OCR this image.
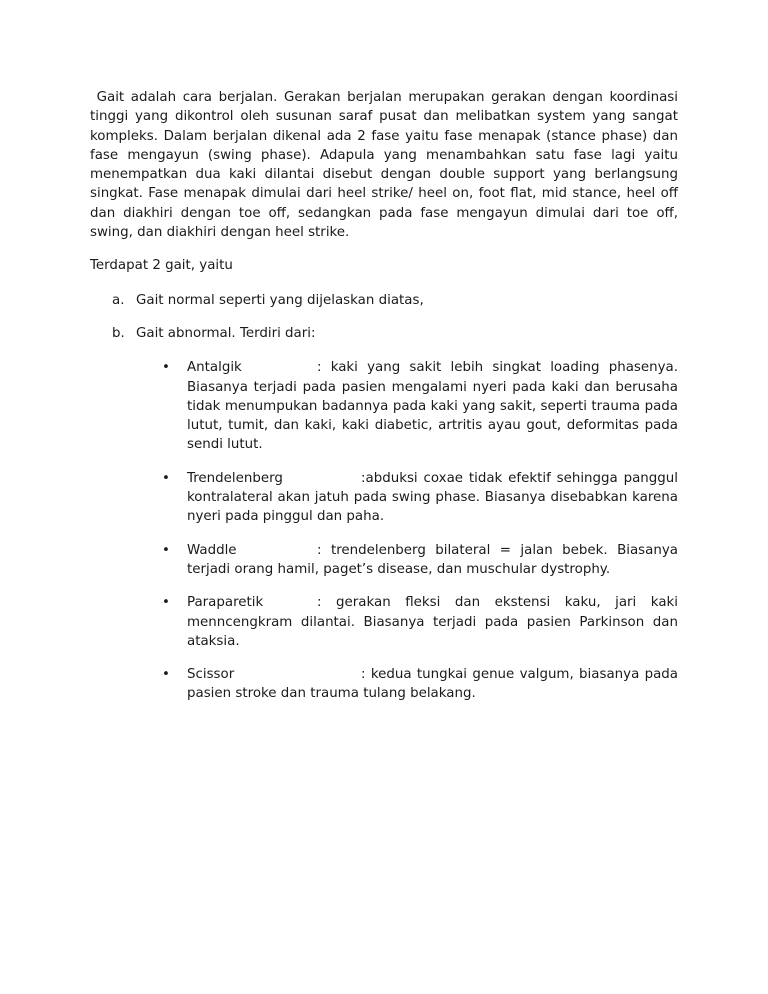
Gait adalah cara berjalan. Gerakan berjalan merupakan gerakan dengan koordinasi tinggi yang dikontrol oleh susunan saraf pusat dan melibatkan system yang sangat kompleks. Dalam berjalan dikenal ada 2 fase yaitu fase menapak (stance phase) dan fase mengayun (swing phase). Adapula yang menambahkan satu fase lagi yaitu menempatkan dua kaki dilantai disebut dengan double support yang berlangsung singkat. Fase menapak dimulai dari heel strike/ heel on, foot flat, mid stance, heel off dan diakhiri dengan toe off, sedangkan pada fase mengayun dimulai dari toe off, swing, dan diakhiri dengan heel strike.

Terdapat 2 gait, yaitu

a. Gait normal seperti yang dijelaskan diatas,
b. Gait abnormal. Terdiri dari:
• Antalgik	: kaki yang sakit lebih singkat loading phasenya. Biasanya terjadi pada pasien mengalami nyeri pada kaki dan berusaha tidak menumpukan badannya pada kaki yang sakit, seperti trauma pada lutut, tumit, dan kaki, kaki diabetic, artritis ayau gout, deformitas pada sendi lutut.
• Trendelenberg	:abduksi coxae tidak efektif sehingga panggul kontralateral akan jatuh pada swing phase. Biasanya disebabkan karena nyeri pada pinggul dan paha.
• Waddle	: trendelenberg bilateral = jalan bebek. Biasanya terjadi orang hamil, paget’s disease, dan muschular dystrophy.
• Paraparetik	: gerakan fleksi dan ekstensi kaku, jari kaki menncengkram dilantai. Biasanya terjadi pada pasien Parkinson dan ataksia.
• Scissor	: kedua tungkai genue valgum, biasanya pada pasien stroke dan trauma tulang belakang.
